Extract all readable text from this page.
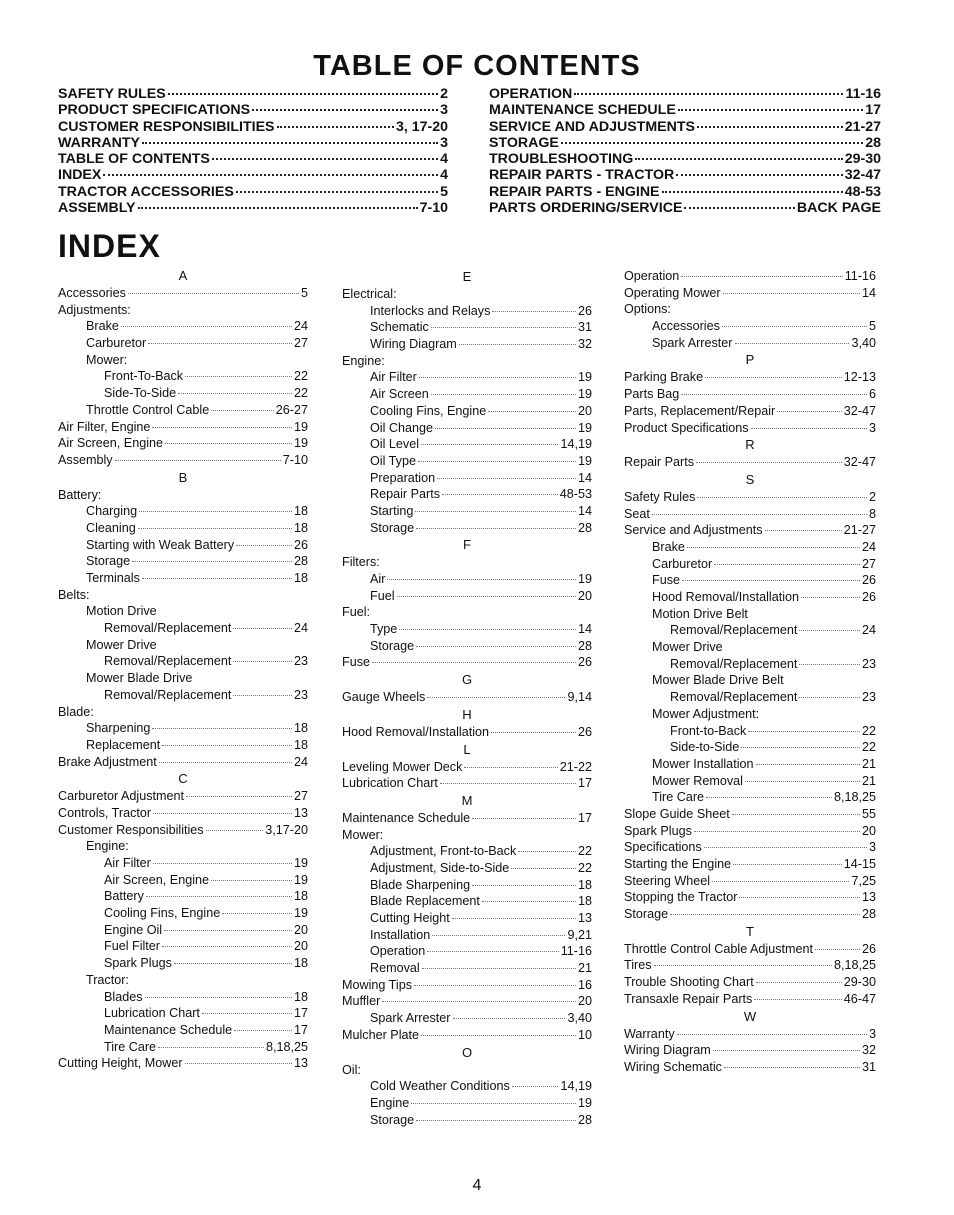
TABLE OF CONTENTS
SAFETY RULES	2
PRODUCT SPECIFICATIONS	3
CUSTOMER RESPONSIBILITIES	3, 17-20
WARRANTY	3
TABLE OF CONTENTS	4
INDEX	4
TRACTOR ACCESSORIES	5
ASSEMBLY	7-10
OPERATION	11-16
MAINTENANCE SCHEDULE	17
SERVICE AND ADJUSTMENTS	21-27
STORAGE	28
TROUBLESHOOTING	29-30
REPAIR PARTS - TRACTOR	32-47
REPAIR PARTS - ENGINE	48-53
PARTS ORDERING/SERVICE	BACK PAGE
INDEX
A
Accessories	5
Adjustments:
Brake	24
Carburetor	27
Mower:
Front-To-Back	22
Side-To-Side	22
Throttle Control Cable	26-27
Air Filter, Engine	19
Air Screen, Engine	19
Assembly	7-10
B
Battery:
Charging	18
Cleaning	18
Starting with Weak Battery	26
Storage	28
Terminals	18
Belts:
Motion Drive
Removal/Replacement	24
Mower Drive
Removal/Replacement	23
Mower Blade Drive
Removal/Replacement	23
Blade:
Sharpening	18
Replacement	18
Brake Adjustment	24
C
Carburetor Adjustment	27
Controls, Tractor	13
Customer Responsibilities	3,17-20
Engine:
Air Filter	19
Air Screen, Engine	19
Battery	18
Cooling Fins, Engine	19
Engine Oil	20
Fuel Filter	20
Spark Plugs	18
Tractor:
Blades	18
Lubrication Chart	17
Maintenance Schedule	17
Tire Care	8,18,25
Cutting Height, Mower	13
E
Electrical:
Interlocks and Relays	26
Schematic	31
Wiring Diagram	32
Engine:
Air Filter	19
Air Screen	19
Cooling Fins, Engine	20
Oil Change	19
Oil Level	14,19
Oil Type	19
Preparation	14
Repair Parts	48-53
Starting	14
Storage	28
F
Filters:
Air	19
Fuel	20
Fuel:
Type	14
Storage	28
Fuse	26
G
Gauge Wheels	9,14
H
Hood Removal/Installation	26
L
Leveling Mower Deck	21-22
Lubrication Chart	17
M
Maintenance Schedule	17
Mower:
Adjustment, Front-to-Back	22
Adjustment, Side-to-Side	22
Blade Sharpening	18
Blade Replacement	18
Cutting Height	13
Installation	9,21
Operation	11-16
Removal	21
Mowing Tips	16
Muffler	20
Spark Arrester	3,40
Mulcher Plate	10
O
Oil:
Cold Weather Conditions	14,19
Engine	19
Storage	28
Operation	11-16
Operating Mower	14
Options:
Accessories	5
Spark Arrester	3,40
P
Parking Brake	12-13
Parts Bag	6
Parts, Replacement/Repair	32-47
Product Specifications	3
R
Repair Parts	32-47
S
Safety Rules	2
Seat	8
Service and Adjustments	21-27
Brake	24
Carburetor	27
Fuse	26
Hood Removal/Installation	26
Motion Drive Belt
Removal/Replacement	24
Mower Drive
Removal/Replacement	23
Mower Blade Drive Belt
Removal/Replacement	23
Mower Adjustment:
Front-to-Back	22
Side-to-Side	22
Mower Installation	21
Mower Removal	21
Tire Care	8,18,25
Slope Guide Sheet	55
Spark Plugs	20
Specifications	3
Starting the Engine	14-15
Steering Wheel	7,25
Stopping the Tractor	13
Storage	28
T
Throttle Control Cable Adjustment	26
Tires	8,18,25
Trouble Shooting Chart	29-30
Transaxle Repair Parts	46-47
W
Warranty	3
Wiring Diagram	32
Wiring Schematic	31
4
